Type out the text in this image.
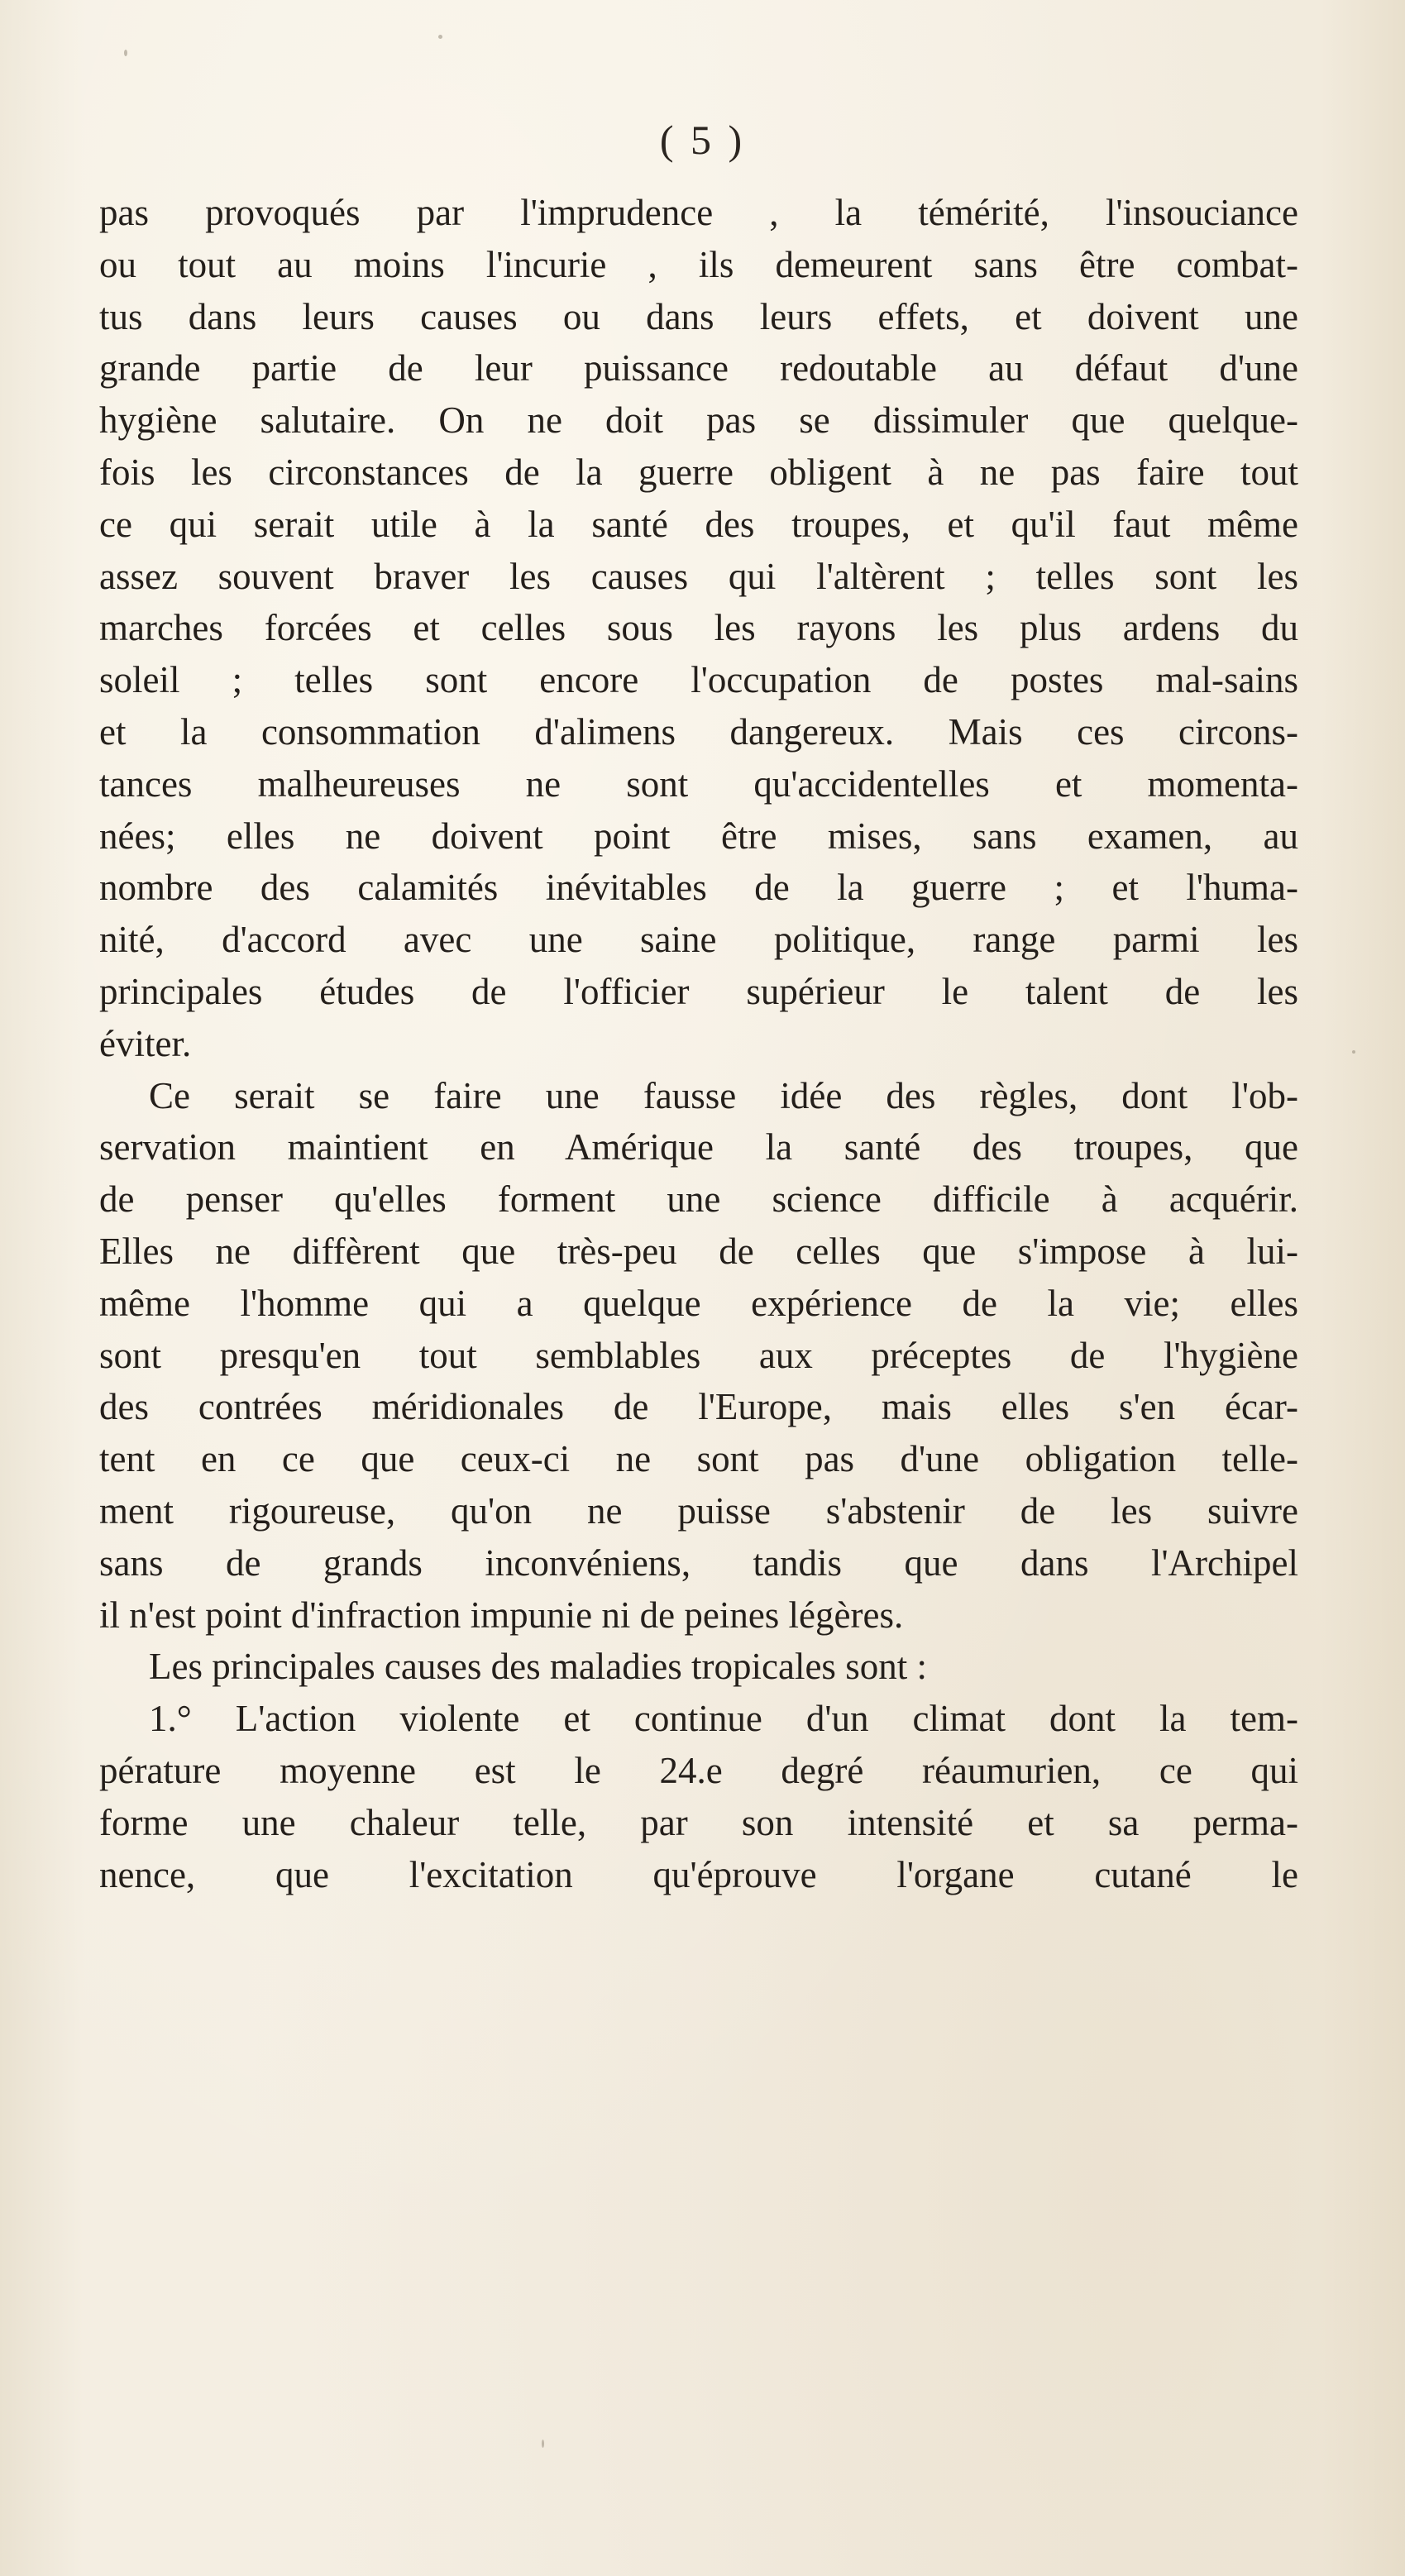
( 5 )
pas provoqués par l'imprudence , la témérité, l'insouciance
ou tout au moins l'incurie , ils demeurent sans être combat-
tus dans leurs causes ou dans leurs effets, et doivent une
grande partie de leur puissance redoutable au défaut d'une
hygiène salutaire. On ne doit pas se dissimuler que quelque-
fois les circonstances de la guerre obligent à ne pas faire tout
ce qui serait utile à la santé des troupes, et qu'il faut même
assez souvent braver les causes qui l'altèrent ; telles sont les
marches forcées et celles sous les rayons les plus ardens du
soleil ; telles sont encore l'occupation de postes mal-sains
et la consommation d'alimens dangereux. Mais ces circons-
tances malheureuses ne sont qu'accidentelles et momenta-
nées; elles ne doivent point être mises, sans examen, au
nombre des calamités inévitables de la guerre ; et l'huma-
nité, d'accord avec une saine politique, range parmi les
principales études de l'officier supérieur le talent de les
éviter.
Ce serait se faire une fausse idée des règles, dont l'ob-
servation maintient en Amérique la santé des troupes, que
de penser qu'elles forment une science difficile à acquérir.
Elles ne diffèrent que très-peu de celles que s'impose à lui-
même l'homme qui a quelque expérience de la vie; elles
sont presqu'en tout semblables aux préceptes de l'hygiène
des contrées méridionales de l'Europe, mais elles s'en écar-
tent en ce que ceux-ci ne sont pas d'une obligation telle-
ment rigoureuse, qu'on ne puisse s'abstenir de les suivre
sans de grands inconvéniens, tandis que dans l'Archipel
il n'est point d'infraction impunie ni de peines légères.
Les principales causes des maladies tropicales sont :
1.° L'action violente et continue d'un climat dont la tem-
pérature moyenne est le 24.e degré réaumurien, ce qui
forme une chaleur telle, par son intensité et sa perma-
nence, que l'excitation qu'éprouve l'organe cutané le
